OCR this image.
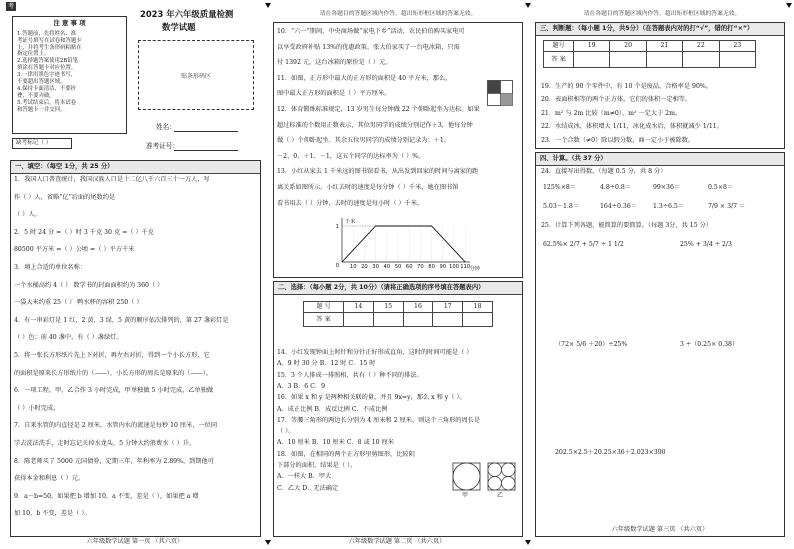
考
2023 年六年级质量检测
数学试题
注 意 事 项

1.答题前，先将姓名、准

考证号填写在试卷和答题卡

上，并将考生条形码粘贴在

指定位置上。

2.选择题答案使用2B铅笔

填涂在答题卡对应位置。

3.一律用黑色字迹书写，

不要超出答题区域。

4.保持卡面清洁，不要折

叠，不要弄破。

5.考试结束后，将本试卷

和答题卡一并交回。

贴条形码区
姓名：
准考证号：
缺考标记（ ）
一、填空：（每空 1分，共 25 分）
1．我国人口普查统计，我国汉族人口是十二亿八千六百三十一万人，写
作（ ）人，省略“亿”后面的尾数约是
（ ）人。
2．5 时 24 分 =（ ）时 3 千克 30 克 =（ ）千克
80500 平方米 =（ ）公顷 =（ ）平方千米
3．填上合适的单位名称：
一个水桶高约 4（ ） 数学书的封面面积约为 360（ ）
一袋大米约重 25（ ） 鸭水杯的容积 250（ ）
4．有一串彩灯是 1 红，2 黄，3 绿，5 黄的顺序依次排列的，第 27 盏彩灯是
（ ）色；前 40 盏中，有（ ）盏绿灯。
5．将一张长方形纸片先上下对折，再左右对折，得到一个小长方形，它
的面积是原来长方形纸片的（——），小长方形的周长是原来的（——）。
6．一项工程，甲、乙合作 3 小时完成，甲单独做 5 小时完成，乙单独做
（ ）小时完成。
7．自来水管的内直径是 2 厘米，水管内水的流速是每秒 10 厘米，一位同
学去洗法洗手，走时忘记关掉水龙头，5 分钟大约浪费水（ ）升。
8．陈老师买了 5000 元国债券，定期三年，年利率为 2.89%，到期他可
获得本金和利息（ ）元。
9．a－b=50，如果把 b 增加 10，a 不变，差是（ ），如果把 a 增
加 10，b 不变，差是（ ）。
六年级数学试题 第一页 （共六页）
请在各题目的答题区域内作答，超出矩形框区域的答案无效。
10．“六一”期间，中央商场做“家电下乡”活动，农民伯伯购买家电可
以享受政府补贴 13%的优惠政策，张大伯家买了一台电冰箱，只需
付 1392 元，这台冰箱的原价是（ ）元。
11．如图，正方形中最大的正方形的面积是 40 平方米，那么，
图中最大正方形的面积是（ ）平方厘米。
12．体育锻炼标准规定，13 岁男生每分钟做 22 个仰卧起坐为达标。如果
超过标准的个数用正数表示，其位男同学的成绩分别记作＋3，他每分钟
做（ ）个仰卧起坐。其余五位男同学的成绩分别记录为：＋1、
－2、0、＋1、－1，这五个同学的达标率为（ ）%。
13．小红从家去 1 千米远的图书馆看书，从出发到回家的时间与离家的距
离关系如图所示。小红去时的速度是每分钟（ ）千米，她在图书馆
看书用去（ ）分钟，去时的速度是每小时（ ）千米。
千米
分钟
1
0 10 20 30 40 50 60 70 80 90 100 110
二、选择：（每小题 2分，共 10分）（请将正确选项的序号填在答题表内）
题 号	14	15	16	17	18
答 案					
14．小红发现钟面上时针和分针正好形成直角，这时的时间可能是（ ）
A．9 时 30 分 B．12 时 C．15 时
15．3 个人排成一排照相，共有（ ）种不同的排法。
A．3 B．6 C．9
16．如果 x 和 y 是两种相关联的量，并且 9x=y，那么 x 和 y（ ）。
A．成正比例 B．成反比例 C．不成比例
17．等腰三角形的两边长分别为 4 厘米和 2 厘米，则这个三角形的周长是
（ ）。
A．10 厘米 B．10 厘米 C．8 或 10 厘米
18．如图，在相同的两个正方形里剪图形，比较阴
下部分的面积，结果是（ ）。
A．一样大 B．甲大
C．乙大 D．无法确定
甲	乙
六年级数学试题 第二页 （共六页）
请在各题目的答题区域内作答，超出矩形框区域的答案无效。
三、判断题：（每小题 1分，共5分）（在答题表内对的打“√”，错的打“×”）
题号	19	20	21	22	23
答 案					
19．生产的 90 个零件中，有 10 个是废品，合格率是 90%。
20．表面积相等的两个正方体，它们的体积一定相等。
21．m² 与 2m 比较（m≠0），m² 一定大于 2m。
22．水结成冰，体积增大 1/11，冰化成水后，体积就减少 1/11。
23．一个合数（≠0）除以假分数，商一定小于被除数。
四、计算。（共 37 分）
24．直接写出得数。（每题 0.5 分，共 8 分）
125%×8＝	4.8÷0.8＝	99×36＝	0.5×8＝
5.03－1.8＝	164÷0.36＝	1.3÷6.5＝	7/9 × 3/7 ＝
25．计算下列各题，能简算的要简算。（每题 3分，共 15 分）
62.5%× 2/7 + 5/7 ÷ 1 1/2	25% + 3/4 ÷ 2/3
（72× 5/6 ＋20）÷25%	3 ÷（0.25× 0.38）
202.5×2.5＋20.25×36＋2.023×390
六年级数学试题 第三页 （共六页）
